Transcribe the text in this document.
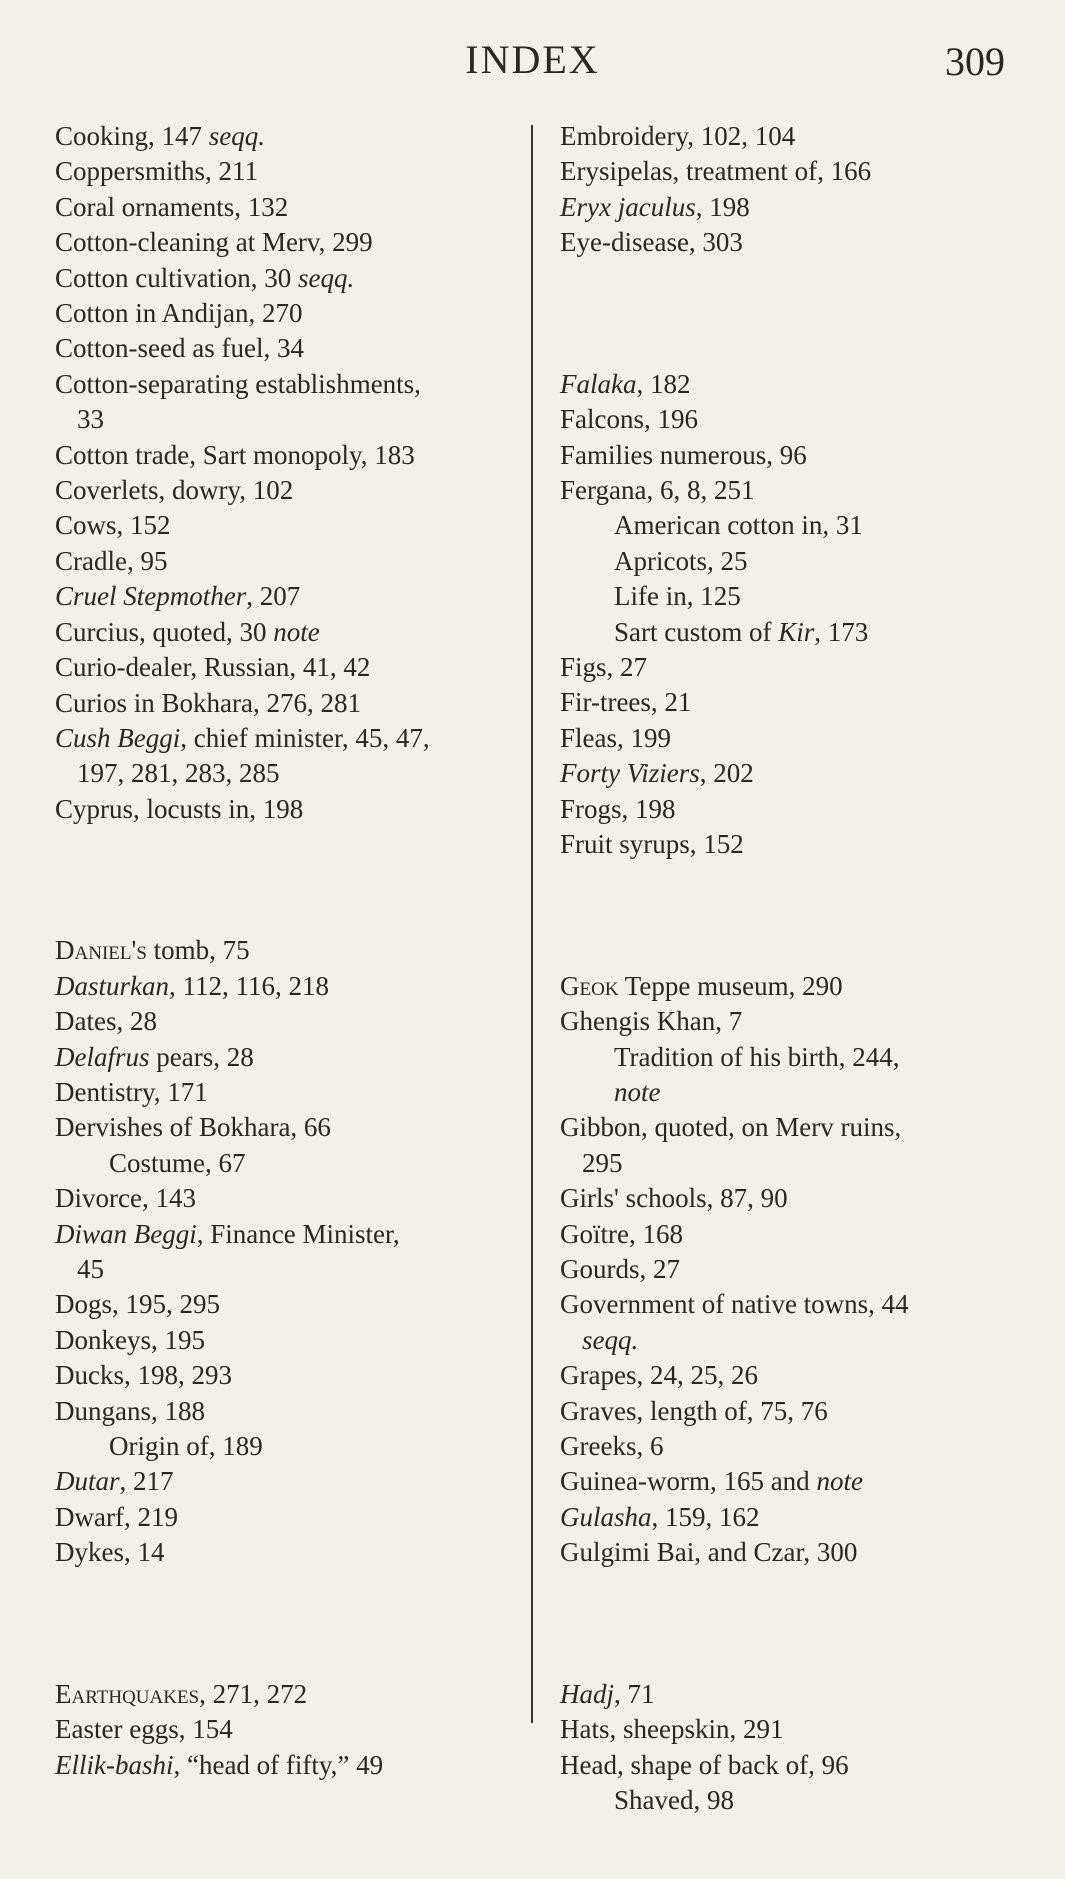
INDEX	309
Cooking, 147 seqq.
Coppersmiths, 211
Coral ornaments, 132
Cotton-cleaning at Merv, 299
Cotton cultivation, 30 seqq.
Cotton in Andijan, 270
Cotton-seed as fuel, 34
Cotton-separating establishments,
33
Cotton trade, Sart monopoly, 183
Coverlets, dowry, 102
Cows, 152
Cradle, 95
Cruel Stepmother, 207
Curcius, quoted, 30 note
Curio-dealer, Russian, 41, 42
Curios in Bokhara, 276, 281
Cush Beggi, chief minister, 45, 47,
197, 281, 283, 285
Cyprus, locusts in, 198
Daniel's tomb, 75
Dasturkan, 112, 116, 218
Dates, 28
Delafrus pears, 28
Dentistry, 171
Dervishes of Bokhara, 66
Costume, 67
Divorce, 143
Diwan Beggi, Finance Minister,
45
Dogs, 195, 295
Donkeys, 195
Ducks, 198, 293
Dungans, 188
Origin of, 189
Dutar, 217
Dwarf, 219
Dykes, 14
Earthquakes, 271, 272
Easter eggs, 154
Ellik-bashi, “head of fifty,” 49
Embroidery, 102, 104
Erysipelas, treatment of, 166
Eryx jaculus, 198
Eye-disease, 303
Falaka, 182
Falcons, 196
Families numerous, 96
Fergana, 6, 8, 251
American cotton in, 31
Apricots, 25
Life in, 125
Sart custom of Kir, 173
Figs, 27
Fir-trees, 21
Fleas, 199
Forty Viziers, 202
Frogs, 198
Fruit syrups, 152
Geok Teppe museum, 290
Ghengis Khan, 7
Tradition of his birth, 244,
note
Gibbon, quoted, on Merv ruins,
295
Girls' schools, 87, 90
Goïtre, 168
Gourds, 27
Government of native towns, 44
seqq.
Grapes, 24, 25, 26
Graves, length of, 75, 76
Greeks, 6
Guinea-worm, 165 and note
Gulasha, 159, 162
Gulgimi Bai, and Czar, 300
Hadj, 71
Hats, sheepskin, 291
Head, shape of back of, 96
Shaved, 98
